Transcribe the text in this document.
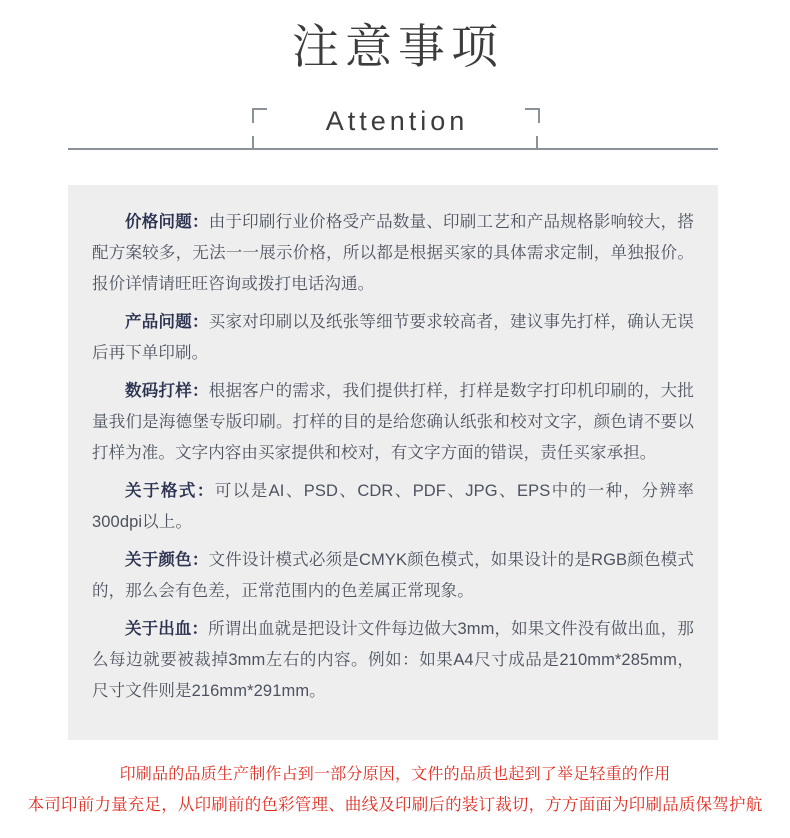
注意事项
Attention

价格问题：由于印刷行业价格受产品数量、印刷工艺和产品规格影响较大，搭配方案较多，无法一一展示价格，所以都是根据买家的具体需求定制，单独报价。报价详情请旺旺咨询或拨打电话沟通。

产品问题：买家对印刷以及纸张等细节要求较高者，建议事先打样，确认无误后再下单印刷。

数码打样：根据客户的需求，我们提供打样，打样是数字打印机印刷的，大批量我们是海德堡专版印刷。打样的目的是给您确认纸张和校对文字，颜色请不要以打样为准。文字内容由买家提供和校对，有文字方面的错误，责任买家承担。

关于格式：可以是AI、PSD、CDR、PDF、JPG、EPS中的一种，分辨率300dpi以上。

关于颜色：文件设计模式必须是CMYK颜色模式，如果设计的是RGB颜色模式的，那么会有色差，正常范围内的色差属正常现象。

关于出血：所谓出血就是把设计文件每边做大3mm，如果文件没有做出血，那么每边就要被裁掉3mm左右的内容。例如：如果A4尺寸成品是210mm*285mm，尺寸文件则是216mm*291mm。

印刷品的品质生产制作占到一部分原因，文件的品质也起到了举足轻重的作用
本司印前力量充足，从印刷前的色彩管理、曲线及印刷后的装订裁切，方方面面为印刷品质保驾护航
